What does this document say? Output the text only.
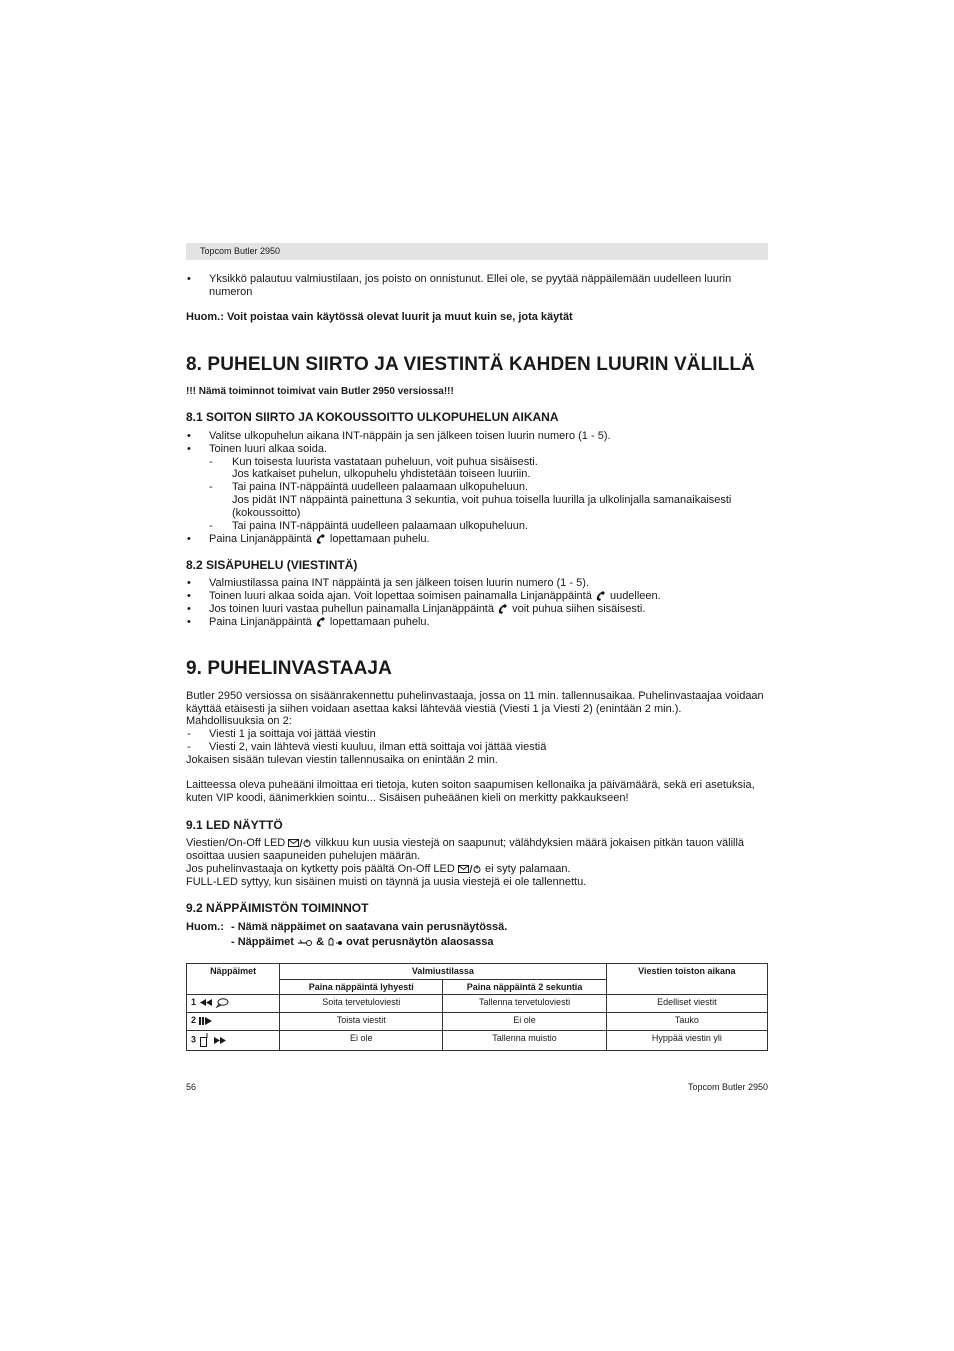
Topcom Butler 2950
• Yksikkö palautuu valmiustilaan, jos poisto on onnistunut. Ellei ole, se pyytää näppäilemään uudelleen luurin
numeron
Huom.: Voit poistaa vain käytössä olevat luurit ja muut kuin se, jota käytät
8. PUHELUN SIIRTO JA VIESTINTÄ KAHDEN LUURIN VÄLILLÄ
!!! Nämä toiminnot toimivat vain Butler 2950 versiossa!!!
8.1 SOITON SIIRTO JA KOKOUSSOITTO ULKOPUHELUN AIKANA
• Valitse ulkopuhelun aikana INT-näppäin ja sen jälkeen toisen luurin numero (1 - 5).
• Toinen luuri alkaa soida.
- Kun toisesta luurista vastataan puheluun, voit puhua sisäisesti.
Jos katkaiset puhelun, ulkopuhelu yhdistetään toiseen luuriin.
- Tai paina INT-näppäintä uudelleen palaamaan ulkopuheluun.
Jos pidät INT näppäintä painettuna 3 sekuntia, voit puhua toisella luurilla ja ulkolinjalla samanaikaisesti
(kokoussoitto)
- Tai paina INT-näppäintä uudelleen palaamaan ulkopuheluun.
• Paina Linjanäppäintä lopettamaan puhelu.
8.2 SISÄPUHELU (VIESTINTÄ)
• Valmiustilassa paina INT näppäintä ja sen jälkeen toisen luurin numero (1 - 5).
• Toinen luuri alkaa soida ajan. Voit lopettaa soimisen painamalla Linjanäppäintä uudelleen.
• Jos toinen luuri vastaa puhellun painamalla Linjanäppäintä voit puhua siihen sisäisesti.
• Paina Linjanäppäintä lopettamaan puhelu.
9. PUHELINVASTAAJA
Butler 2950 versiossa on sisäänrakennettu puhelinvastaaja, jossa on 11 min. tallennusaikaa. Puhelinvastaajaa voidaan
käyttää etäisesti ja siihen voidaan asettaa kaksi lähtevää viestiä (Viesti 1 ja Viesti 2) (enintään 2 min.).
Mahdollisuuksia on 2:
- Viesti 1 ja soittaja voi jättää viestin
- Viesti 2, vain lähtevä viesti kuuluu, ilman että soittaja voi jättää viestiä
Jokaisen sisään tulevan viestin tallennusaika on enintään 2 min.
Laitteessa oleva puheääni ilmoittaa eri tietoja, kuten soiton saapumisen kellonaika ja päivämäärä, sekä eri asetuksia,
kuten VIP koodi, äänimerkkien sointu... Sisäisen puheäänen kieli on merkitty pakkaukseen!
9.1 LED NÄYTTÖ
Viestien/On-Off LED	vilkkuu kun uusia viestejä on saapunut; välähdyksien määrä jokaisen pitkän tauon välillä
osoittaa uusien saapuneiden puhelujen määrän.
Jos puhelinvastaaja on kytketty pois päältä On-Off LED	ei syty palamaan.
FULL-LED syttyy, kun sisäinen muisti on täynnä ja uusia viestejä ei ole tallennettu.
9.2 NÄPPÄIMISTÖN TOIMINNOT
Huom.: - Nämä näppäimet on saatavana vain perusnäytössä.
- Näppäimet & ovat perusnäytön alaosassa
Näppäimet	Valmiustilassa		Viestien toiston aikana
	Paina näppäintä lyhyesti	Paina näppäintä 2 sekuntia	
1	Soita tervetuloviesti	Tallenna tervetuloviesti	Edelliset viestit
2	Toista viestit	Ei ole	Tauko
3	Ei ole	Tallenna muistio	Hyppää viestin yli
56	Topcom Butler 2950
